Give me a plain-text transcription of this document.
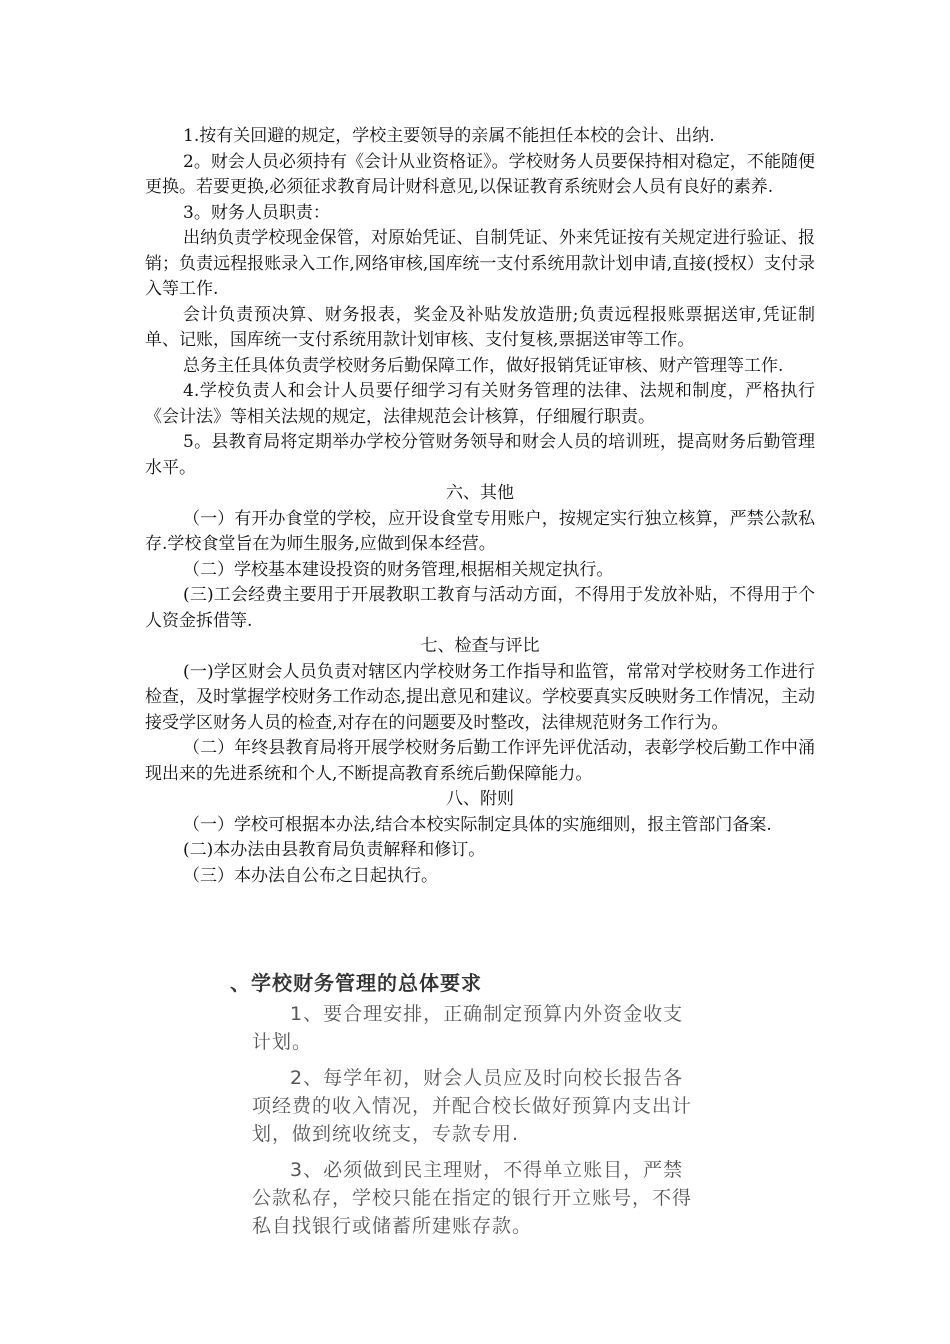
1.按有关回避的规定，学校主要领导的亲属不能担任本校的会计、出纳.

2。财会人员必须持有《会计从业资格证》。学校财务人员要保持相对稳定，不能随便更换。若要更换,必须征求教育局计财科意见,以保证教育系统财会人员有良好的素养.

3。财务人员职责：

出纳负责学校现金保管，对原始凭证、自制凭证、外来凭证按有关规定进行验证、报销；负责远程报账录入工作,网络审核,国库统一支付系统用款计划申请,直接(授权）支付录入等工作.

会计负责预决算、财务报表，奖金及补贴发放造册;负责远程报账票据送审,凭证制单、记账，国库统一支付系统用款计划审核、支付复核,票据送审等工作。

总务主任具体负责学校财务后勤保障工作，做好报销凭证审核、财产管理等工作.

4.学校负责人和会计人员要仔细学习有关财务管理的法律、法规和制度，严格执行《会计法》等相关法规的规定，法律规范会计核算，仔细履行职责。

5。县教育局将定期举办学校分管财务领导和财会人员的培训班，提高财务后勤管理水平。

六、其他

（一）有开办食堂的学校，应开设食堂专用账户，按规定实行独立核算，严禁公款私存.学校食堂旨在为师生服务,应做到保本经营。

（二）学校基本建设投资的财务管理,根据相关规定执行。

(三)工会经费主要用于开展教职工教育与活动方面，不得用于发放补贴，不得用于个人资金拆借等.

七、检查与评比

(一)学区财会人员负责对辖区内学校财务工作指导和监管，常常对学校财务工作进行检查，及时掌握学校财务工作动态,提出意见和建议。学校要真实反映财务工作情况，主动接受学区财务人员的检查,对存在的问题要及时整改，法律规范财务工作行为。

（二）年终县教育局将开展学校财务后勤工作评先评优活动，表彰学校后勤工作中涌现出来的先进系统和个人,不断提高教育系统后勤保障能力。

八、附则

（一）学校可根据本办法,结合本校实际制定具体的实施细则，报主管部门备案.

(二)本办法由县教育局负责解释和修订。

（三）本办法自公布之日起执行。

、学校财务管理的总体要求

1、要合理安排，正确制定预算内外资金收支计划。

2、每学年初，财会人员应及时向校长报告各项经费的收入情况，并配合校长做好预算内支出计划，做到统收统支，专款专用.

3、必须做到民主理财，不得单立账目，严禁公款私存，学校只能在指定的银行开立账号，不得私自找银行或储蓄所建账存款。
